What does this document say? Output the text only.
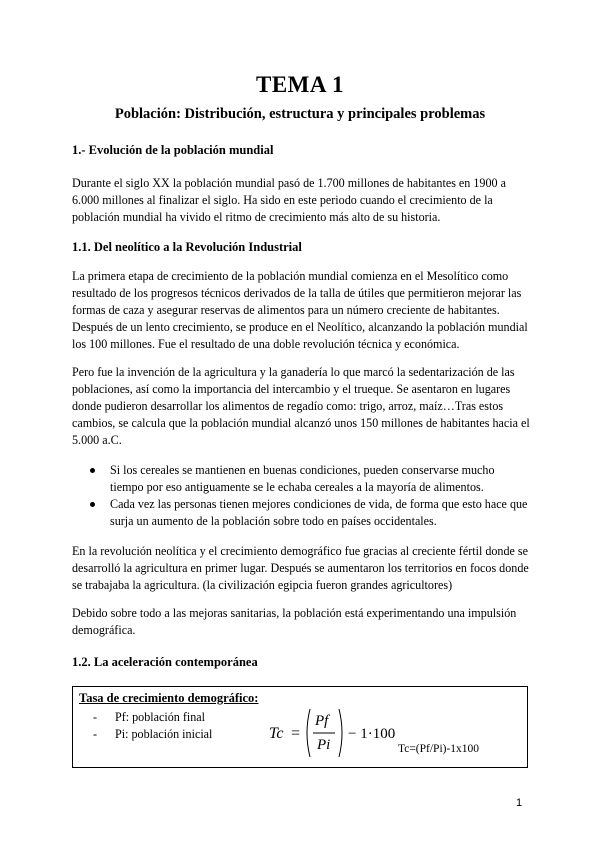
TEMA 1
Población: Distribución, estructura y principales problemas
1.- Evolución de la población mundial
Durante el siglo XX la población mundial pasó de 1.700 millones de habitantes en 1900 a 6.000 millones al finalizar el siglo. Ha sido en este periodo cuando el crecimiento de la población mundial ha vivido el ritmo de crecimiento más alto de su historia.
1.1. Del neolítico a la Revolución Industrial
La primera etapa de crecimiento de la población mundial comienza en el Mesolítico como resultado de los progresos técnicos derivados de la talla de útiles que permitieron mejorar las formas de caza y asegurar reservas de alimentos para un número creciente de habitantes. Después de un lento crecimiento, se produce en el Neolítico, alcanzando la población mundial los 100 millones. Fue el resultado de una doble revolución técnica y económica.
Pero fue la invención de la agricultura y la ganadería lo que marcó la sedentarización de las poblaciones, así como la importancia del intercambio y el trueque. Se asentaron en lugares donde pudieron desarrollar los alimentos de regadío como: trigo, arroz, maíz…Tras estos cambios, se calcula que la población mundial alcanzó unos 150 millones de habitantes hacia el 5.000 a.C.
Si los cereales se mantienen en buenas condiciones, pueden conservarse mucho tiempo por eso antiguamente se le echaba cereales a la mayoría de alimentos.
Cada vez las personas tienen mejores condiciones de vida, de forma que esto hace que surja un aumento de la población sobre todo en países occidentales.
En la revolución neolítica y el crecimiento demográfico fue gracias al creciente fértil donde se desarrolló la agricultura en primer lugar. Después se aumentaron los territorios en focos donde se trabajaba la agricultura. (la civilización egipcia fueron grandes agricultores)
Debido sobre todo a las mejoras sanitarias, la población está experimentando una impulsión demográfica.
1.2. La aceleración contemporánea
Tasa de crecimiento demográfico:
- Pf: población final
- Pi: población inicial	Tc =
Pf
Pi
− 1·100
Tc=(Pf/Pi)-1x100
1
